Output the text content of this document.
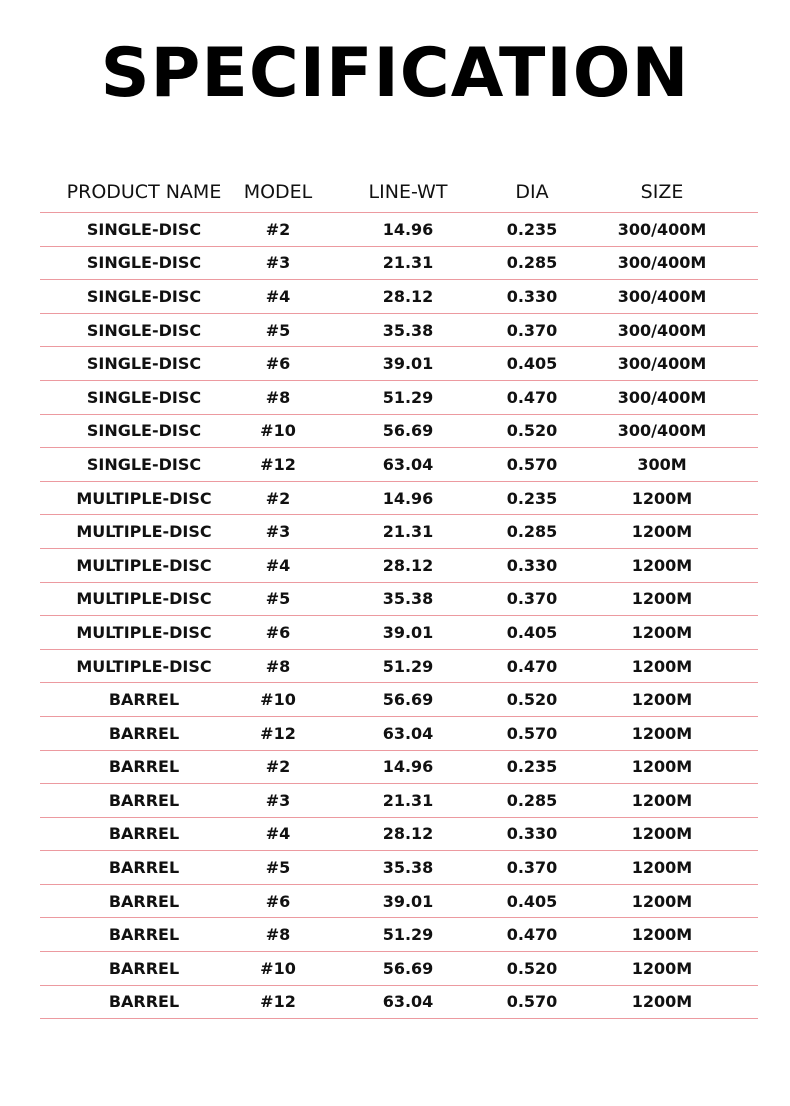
SPECIFICATION
PRODUCT NAME	MODEL	LINE-WT	DIA	SIZE
SINGLE-DISC	#2	14.96	0.235	300/400M
SINGLE-DISC	#3	21.31	0.285	300/400M
SINGLE-DISC	#4	28.12	0.330	300/400M
SINGLE-DISC	#5	35.38	0.370	300/400M
SINGLE-DISC	#6	39.01	0.405	300/400M
SINGLE-DISC	#8	51.29	0.470	300/400M
SINGLE-DISC	#10	56.69	0.520	300/400M
SINGLE-DISC	#12	63.04	0.570	300M
MULTIPLE-DISC	#2	14.96	0.235	1200M
MULTIPLE-DISC	#3	21.31	0.285	1200M
MULTIPLE-DISC	#4	28.12	0.330	1200M
MULTIPLE-DISC	#5	35.38	0.370	1200M
MULTIPLE-DISC	#6	39.01	0.405	1200M
MULTIPLE-DISC	#8	51.29	0.470	1200M
BARREL	#10	56.69	0.520	1200M
BARREL	#12	63.04	0.570	1200M
BARREL	#2	14.96	0.235	1200M
BARREL	#3	21.31	0.285	1200M
BARREL	#4	28.12	0.330	1200M
BARREL	#5	35.38	0.370	1200M
BARREL	#6	39.01	0.405	1200M
BARREL	#8	51.29	0.470	1200M
BARREL	#10	56.69	0.520	1200M
BARREL	#12	63.04	0.570	1200M
